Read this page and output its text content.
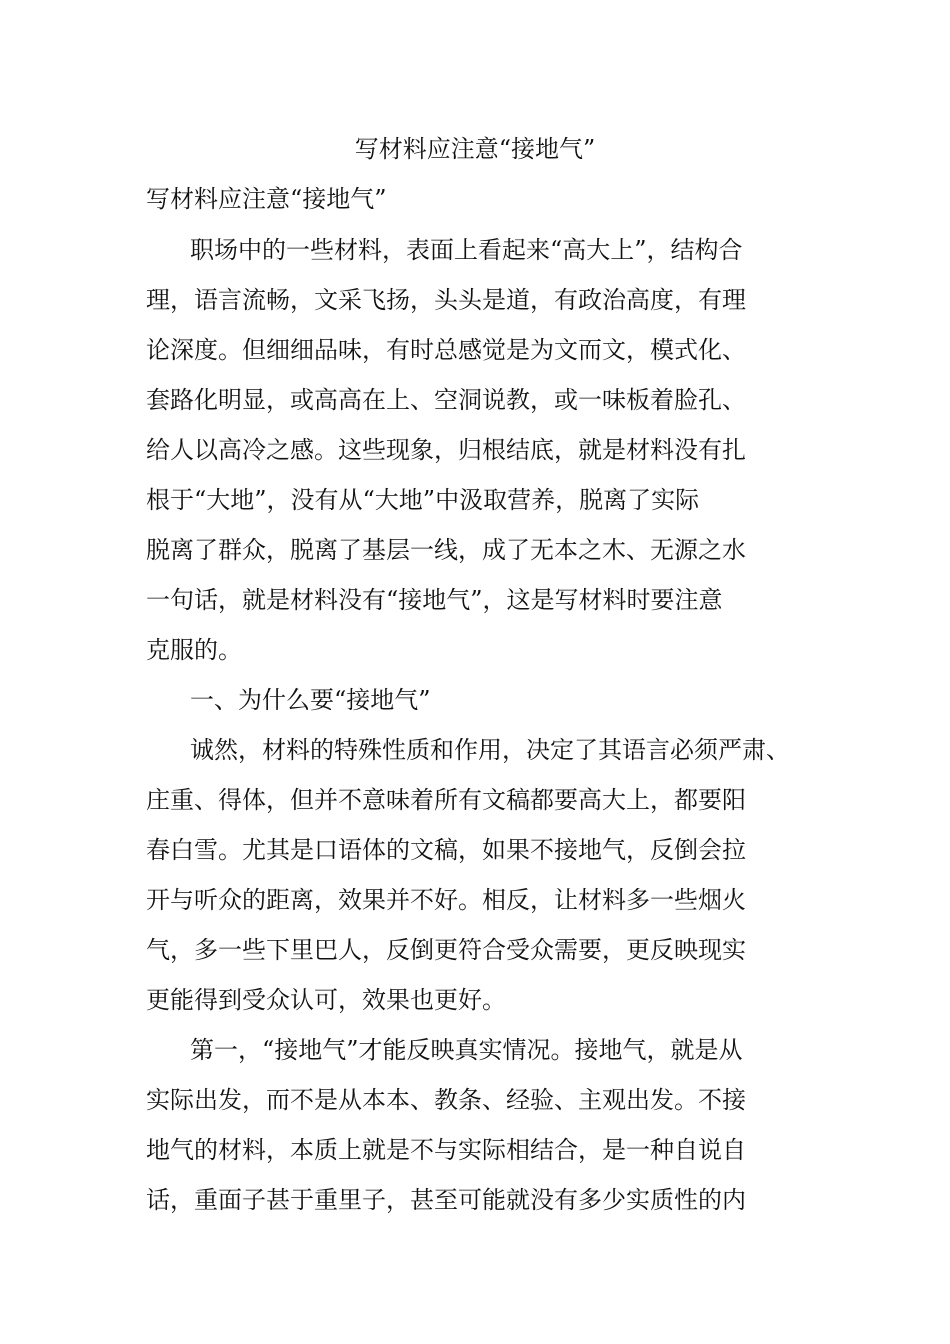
写材料应注意“接地气”

写材料应注意“接地气”

职场中的一些材料，表面上看起来“高大上”，结构合

理，语言流畅，文采飞扬，头头是道，有政治高度，有理

论深度。但细细品味，有时总感觉是为文而文，模式化、

套路化明显，或高高在上、空洞说教，或一味板着脸孔、

给人以高冷之感。这些现象，归根结底，就是材料没有扎

根于“大地”，没有从“大地”中汲取营养，脱离了实际

脱离了群众，脱离了基层一线，成了无本之木、无源之水

一句话，就是材料没有“接地气”，这是写材料时要注意

克服的。

一、为什么要“接地气”

诚然，材料的特殊性质和作用，决定了其语言必须严肃、

庄重、得体，但并不意味着所有文稿都要高大上，都要阳

春白雪。尤其是口语体的文稿，如果不接地气，反倒会拉

开与听众的距离，效果并不好。相反，让材料多一些烟火

气，多一些下里巴人，反倒更符合受众需要，更反映现实

更能得到受众认可，效果也更好。

第一，“接地气”才能反映真实情况。接地气，就是从

实际出发，而不是从本本、教条、经验、主观出发。不接

地气的材料，本质上就是不与实际相结合，是一种自说自

话，重面子甚于重里子，甚至可能就没有多少实质性的内
